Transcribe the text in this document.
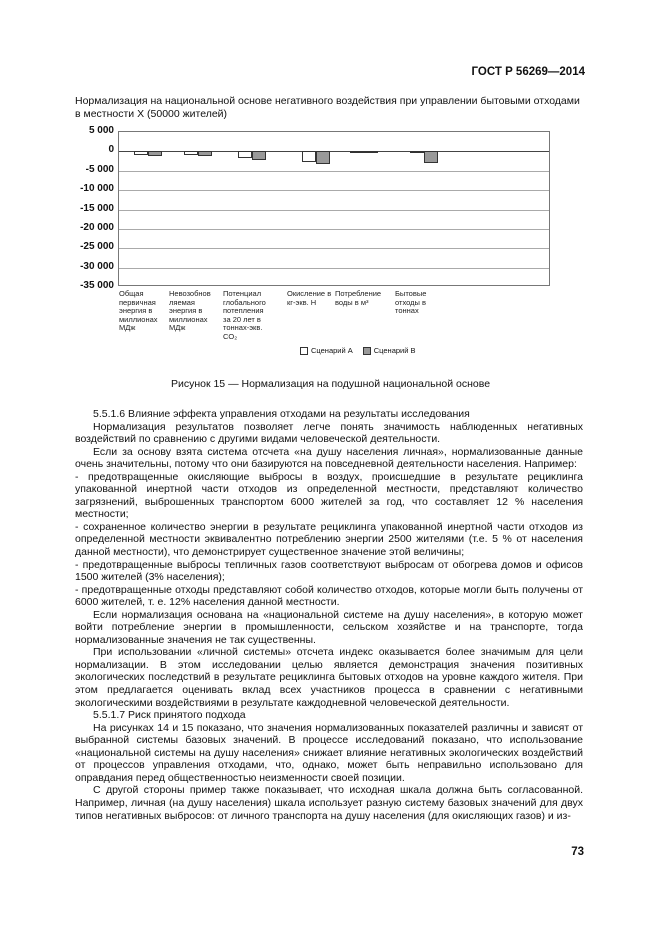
ГОСТ Р 56269—2014
Нормализация на национальной основе негативного воздействия при управлении бытовыми отходами в местности Х (50000 жителей)
5 000
0
-5 000
-10 000
-15 000
-20 000
-25 000
-30 000
-35 000
Общая первичная энергия в миллионах МДж
Невозобнов ляемая энергия в миллионах МДж
Потенциал глобального потепления за 20 лет в тоннах-экв. CO₂
Окисление в кг-экв. Н
Потребление воды в м³
Бытовые отходы в тоннах
Сценарий А	Сценарий В
Рисунок 15 — Нормализация на подушной национальной основе

5.5.1.6 Влияние эффекта управления отходами на результаты исследования

Нормализация результатов позволяет легче понять значимость наблюденных негативных воздействий по сравнению с другими видами человеческой деятельности.

Если за основу взята система отсчета «на душу населения личная», нормализованные данные очень значительны, потому что они базируются на повседневной деятельности населения. Например:

- предотвращенные окисляющие выбросы в воздух, происшедшие в результате рециклинга упакованной инертной части отходов из определенной местности, представляют количество загрязнений, выброшенных транспортом 6000 жителей за год, что составляет 12 % населения местности;

- сохраненное количество энергии в результате рециклинга упакованной инертной части отходов из определенной местности эквивалентно потреблению энергии 2500 жителями (т.е. 5 % от населения данной местности), что демонстрирует существенное значение этой величины;

- предотвращенные выбросы тепличных газов соответствуют выбросам от обогрева домов и офисов 1500 жителей (3% населения);

- предотвращенные отходы представляют собой количество отходов, которые могли быть получены от 6000 жителей, т. е. 12% населения данной местности.

Если нормализация основана на «национальной системе на душу населения», в которую может войти потребление энергии в промышленности, сельском хозяйстве и на транспорте, тогда нормализованные значения не так существенны.

При использовании «личной системы» отсчета индекс оказывается более значимым для цели нормализации. В этом исследовании целью является демонстрация значения позитивных экологических последствий в результате рециклинга бытовых отходов на уровне каждого жителя. При этом предлагается оценивать вклад всех участников процесса в сравнении с негативными экологическими воздействиями в результате каждодневной человеческой деятельности.

5.5.1.7 Риск принятого подхода

На рисунках 14 и 15 показано, что значения нормализованных показателей различны и зависят от выбранной системы базовых значений. В процессе исследований показано, что использование «национальной системы на душу населения» снижает влияние негативных экологических воздействий от процессов управления отходами, что, однако, может быть неправильно использовано для оправдания перед общественностью неизменности своей позиции.

С другой стороны пример также показывает, что исходная шкала должна быть согласованной. Например, личная (на душу населения) шкала использует разную систему базовых значений для двух типов негативных выбросов: от личного транспорта на душу населения (для окисляющих газов) и из-

73
